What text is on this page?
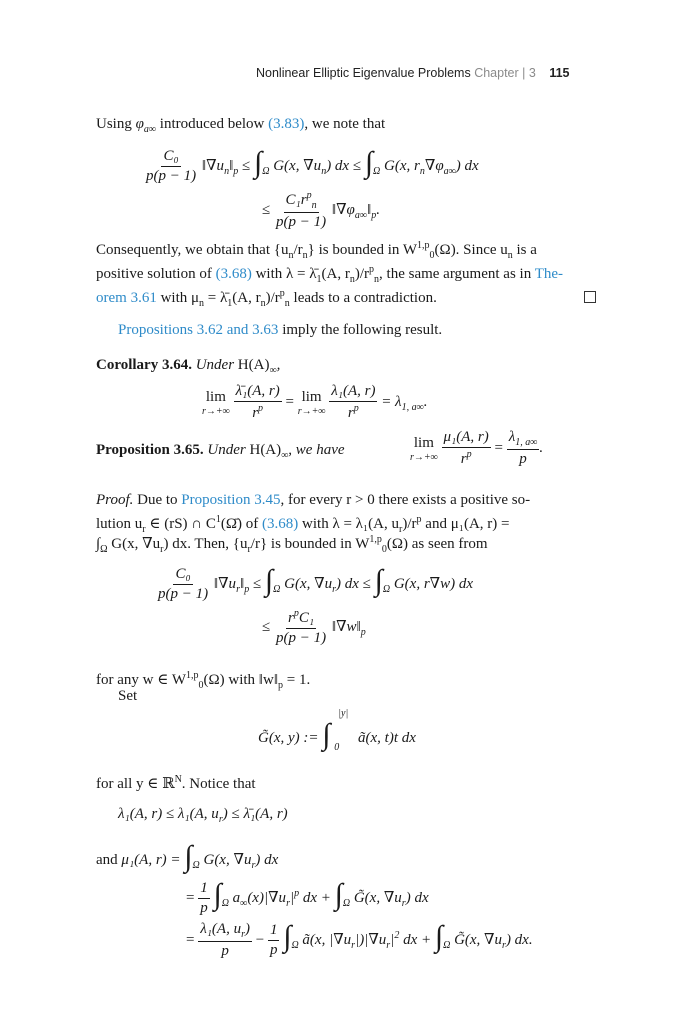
Nonlinear Elliptic Eigenvalue Problems Chapter | 3 115
Using $\varphi_{a\infty}$ introduced below (3.83), we note that
$\frac{\text{C₀}}{p(p - 1)}$ $‖\nabla u_n‖_p \le \int_\Omega$ G(x, $\nabla u_n$) dx ≤ $\int_\Omega$ G(x, $r_n\nabla\varphi_{a\infty}$) dx
≤ $\frac{C_1r^p_n}{p(p - 1)}$ $‖\nabla\varphi_{a\infty}‖_p$.
Consequently, we obtain that $\{u_n/r_n\}$ is bounded in W$^{1,p}_0$(Ω). Since $u_n$ is a
positive solution of (3.68) with $\lambda = \lambdā_1(A$, $r_n)/r^p_n$, the same argument as in The-
orem 3.61 with $\mu_n$ = $\lambdā_1(A$, $r_n)/r^p_n$ leads to a contradiction.
Propositions 3.62 and 3.63 imply the following result.
Corollary 3.64. Under $H(A)_\infty$,
lim
r→+∞
$\frac{\text{λ̄₁(A, r)}}{r^p} = \lim$
r→+∞
$\frac{\text{λ₁(A, r)}}{r^p} = \lambda_{1, a\infty}$.
Proposition 3.65. Under $H(A)_\infty$, we have	lim
r→+∞
$\frac{\text{μ₁(A, r)}}{r^p} = \frac{\lambda_{1, a\infty}}{p}$ .
Proof. Due to Proposition 3.45, for every r > 0 there exists a positive so-
lution $u_r$ ∈ (rS) ∩ $C^1(\Omegā)$ of (3.68) with λ = λ₁(A, $u_r)/r^p$ and μ₁(A, r) =
$\int_\Omega$ G(x, $\nabla u_r$) dx. Then, $\{u_r/r\}$ is bounded in W$^{1,p}_0$(Ω) as seen from
$\frac{\text{C₀}}{p(p - 1)}$ $‖\nabla u_r‖_p \le \int_\Omega$ G(x, $\nabla u_r$) dx ≤ $\int_\Omega$ G(x, r∇w) dx
≤ $\frac{r^pC_1}{p(p - 1)}$ $‖\nabla w‖_p$
for any w ∈ W$^{1,p}_0$(Ω) with $‖w‖_p = 1$.
Set
G̃(x, y) := ∫
|y|
0
ã(x, t)t dx
for all y ∈ ℝ$^N$. Notice that
λ₁(A, r) ≤ λ₁(A, $u_r$) ≤ λ̄₁(A, r)
and μ₁(A, $r) = \int_\Omega$ G(x, $\nabla u_r$) dx
= $\frac{1}{p} \int_\Omega$ $a_\infty(x)|\nabla u_r|^p$ dx + $\int_\Omega$ G̃(x, $\nabla u_r$) dx
= $\frac{\lambda_1(A, u_r)}{p} - \frac{1}{p} \int_\Omega$ ã(x, $|\nabla u_r|)|\nabla u_r|^2$ dx + $\int_\Omega$ G̃(x, $\nabla u_r$) dx.
